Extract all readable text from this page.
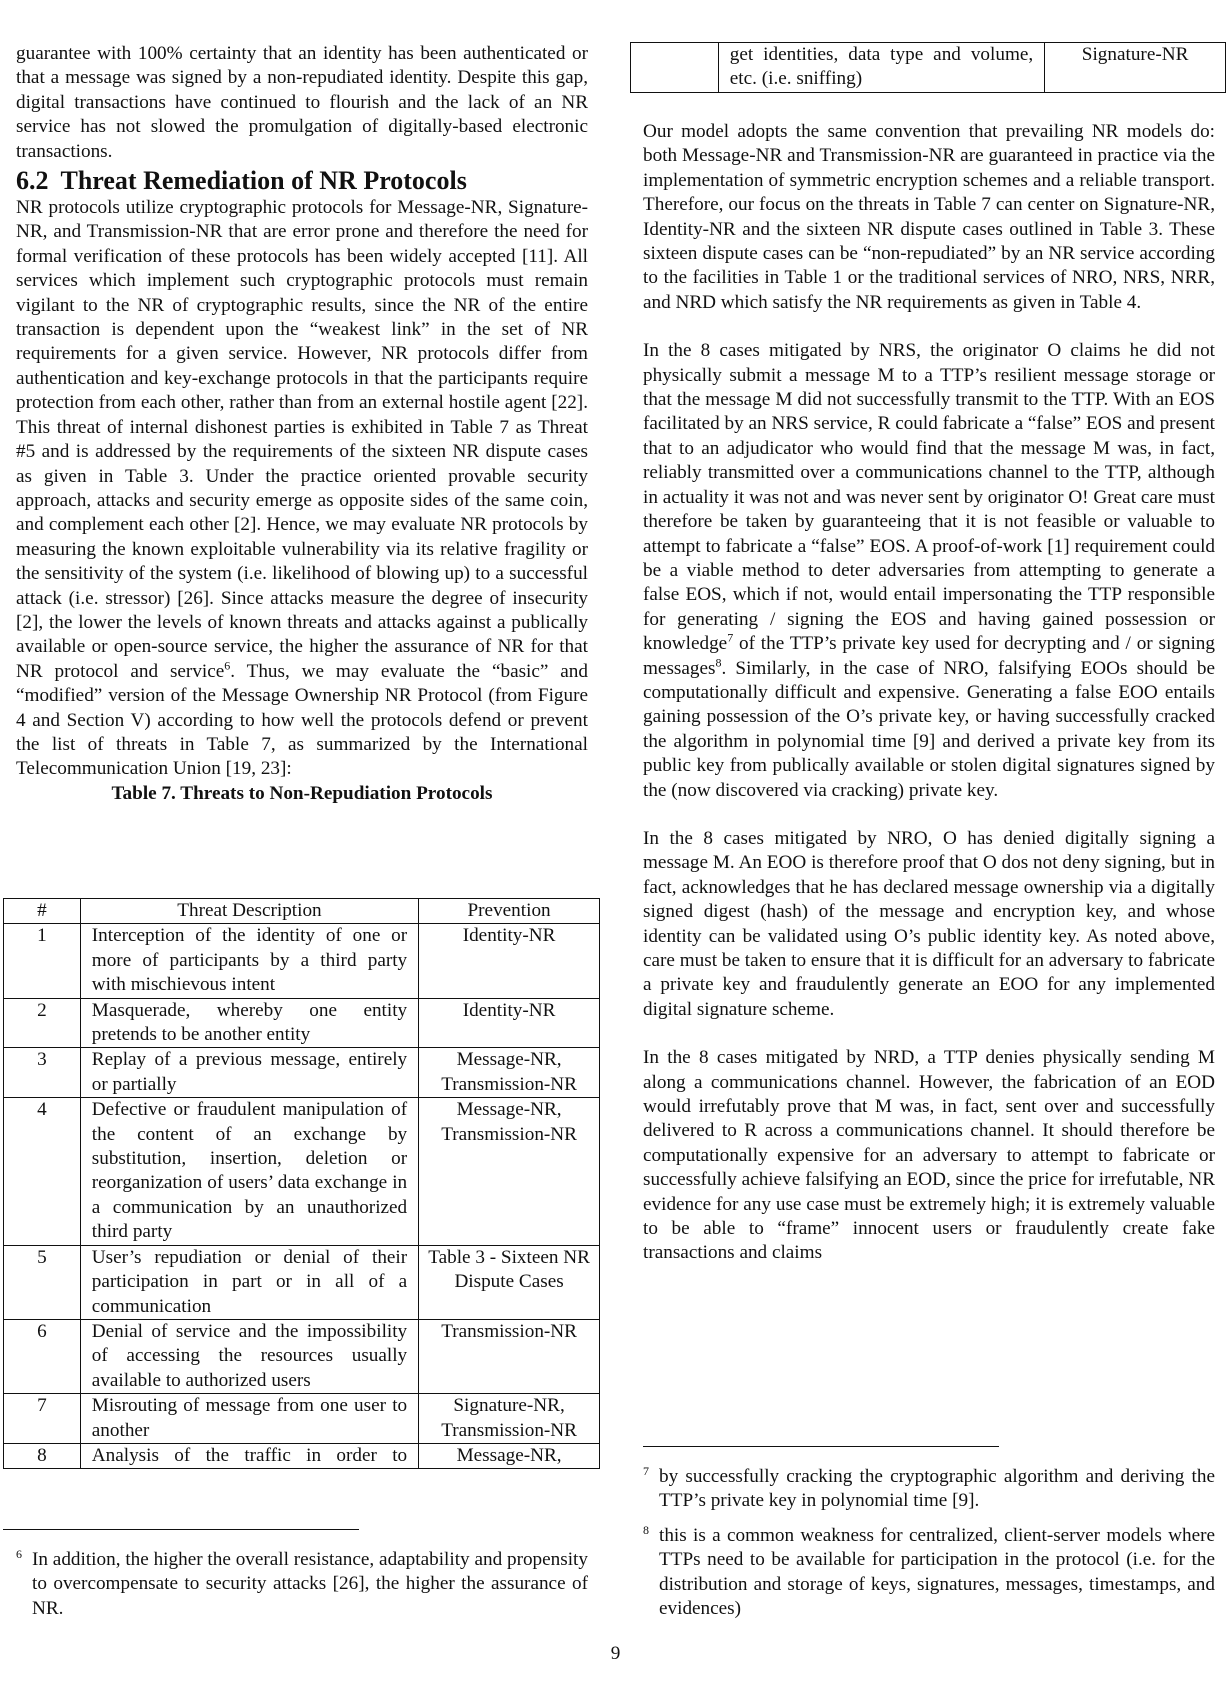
guarantee with 100% certainty that an identity has been authenticated or that a message was signed by a non-repudiated identity. Despite this gap, digital transactions have continued to flourish and the lack of an NR service has not slowed the promulgation of digitally-based electronic transactions.

6.2 Threat Remediation of NR Protocols

NR protocols utilize cryptographic protocols for Message-NR, Signature-NR, and Transmission-NR that are error prone and therefore the need for formal verification of these protocols has been widely accepted [11]. All services which implement such cryptographic protocols must remain vigilant to the NR of cryptographic results, since the NR of the entire transaction is dependent upon the “weakest link” in the set of NR requirements for a given service. However, NR protocols differ from authentication and key-exchange protocols in that the participants require protection from each other, rather than from an external hostile agent [22]. This threat of internal dishonest parties is exhibited in Table 7 as Threat #5 and is addressed by the requirements of the sixteen NR dispute cases as given in Table 3. Under the practice oriented provable security approach, attacks and security emerge as opposite sides of the same coin, and complement each other [2]. Hence, we may evaluate NR protocols by measuring the known exploitable vulnerability via its relative fragility or the sensitivity of the system (i.e. likelihood of blowing up) to a successful attack (i.e. stressor) [26]. Since attacks measure the degree of insecurity [2], the lower the levels of known threats and attacks against a publically available or open-source service, the higher the assurance of NR for that NR protocol and service$^6$. Thus, we may evaluate the “basic” and “modified” version of the Message Ownership NR Protocol (from Figure 4 and Section V) according to how well the protocols defend or prevent the list of threats in Table 7, as summarized by the International Telecommunication Union [19, 23]:

Table 7. Threats to Non-Repudiation Protocols
#	Threat Description	Prevention
1	Interception of the identity of one or more of participants by a third party with mischievous intent	Identity-NR
2	Masquerade, whereby one entity pretends to be another entity	Identity-NR
3	Replay of a previous message, entirely or partially	Message-NR, Transmission-NR
4	Defective or fraudulent manipulation of the content of an exchange by substitution, insertion, deletion or reorganization of users’ data exchange in a communication by an unauthorized third party	Message-NR, Transmission-NR
5	User’s repudiation or denial of their participation in part or in all of a communication	Table 3 - Sixteen NR Dispute Cases
6	Denial of service and the impossibility of accessing the resources usually available to authorized users	Transmission-NR
7	Misrouting of message from one user to another	Signature-NR, Transmission-NR
8	Analysis of the traffic in order to	Message-NR,
6 In addition, the higher the overall resistance, adaptability and propensity to overcompensate to security attacks [26], the higher the assurance of NR.
	get identities, data type and volume, etc. (i.e. sniffing)	Signature-NR

Our model adopts the same convention that prevailing NR models do: both Message-NR and Transmission-NR are guaranteed in practice via the implementation of symmetric encryption schemes and a reliable transport. Therefore, our focus on the threats in Table 7 can center on Signature-NR, Identity-NR and the sixteen NR dispute cases outlined in Table 3. These sixteen dispute cases can be “non-repudiated” by an NR service according to the facilities in Table 1 or the traditional services of NRO, NRS, NRR, and NRD which satisfy the NR requirements as given in Table 4.

In the 8 cases mitigated by NRS, the originator O claims he did not physically submit a message M to a TTP’s resilient message storage or that the message M did not successfully transmit to the TTP. With an EOS facilitated by an NRS service, R could fabricate a “false” EOS and present that to an adjudicator who would find that the message M was, in fact, reliably transmitted over a communications channel to the TTP, although in actuality it was not and was never sent by originator O! Great care must therefore be taken by guaranteeing that it is not feasible or valuable to attempt to fabricate a “false” EOS. A proof-of-work [1] requirement could be a viable method to deter adversaries from attempting to generate a false EOS, which if not, would entail impersonating the TTP responsible for generating / signing the EOS and having gained possession or knowledge$^7$ of the TTP’s private key used for decrypting and / or signing messages$^8$. Similarly, in the case of NRO, falsifying EOOs should be computationally difficult and expensive. Generating a false EOO entails gaining possession of the O’s private key, or having successfully cracked the algorithm in polynomial time [9] and derived a private key from its public key from publically available or stolen digital signatures signed by the (now discovered via cracking) private key.

In the 8 cases mitigated by NRO, O has denied digitally signing a message M. An EOO is therefore proof that O dos not deny signing, but in fact, acknowledges that he has declared message ownership via a digitally signed digest (hash) of the message and encryption key, and whose identity can be validated using O’s public identity key. As noted above, care must be taken to ensure that it is difficult for an adversary to fabricate a private key and fraudulently generate an EOO for any implemented digital signature scheme.

In the 8 cases mitigated by NRD, a TTP denies physically sending M along a communications channel. However, the fabrication of an EOD would irrefutably prove that M was, in fact, sent over and successfully delivered to R across a communications channel. It should therefore be computationally expensive for an adversary to attempt to fabricate or successfully achieve falsifying an EOD, since the price for irrefutable, NR evidence for any use case must be extremely high; it is extremely valuable to be able to “frame” innocent users or fraudulently create fake transactions and claims

7 by successfully cracking the cryptographic algorithm and deriving the TTP’s private key in polynomial time [9].
8 this is a common weakness for centralized, client-server models where TTPs need to be available for participation in the protocol (i.e. for the distribution and storage of keys, signatures, messages, timestamps, and evidences)
9
